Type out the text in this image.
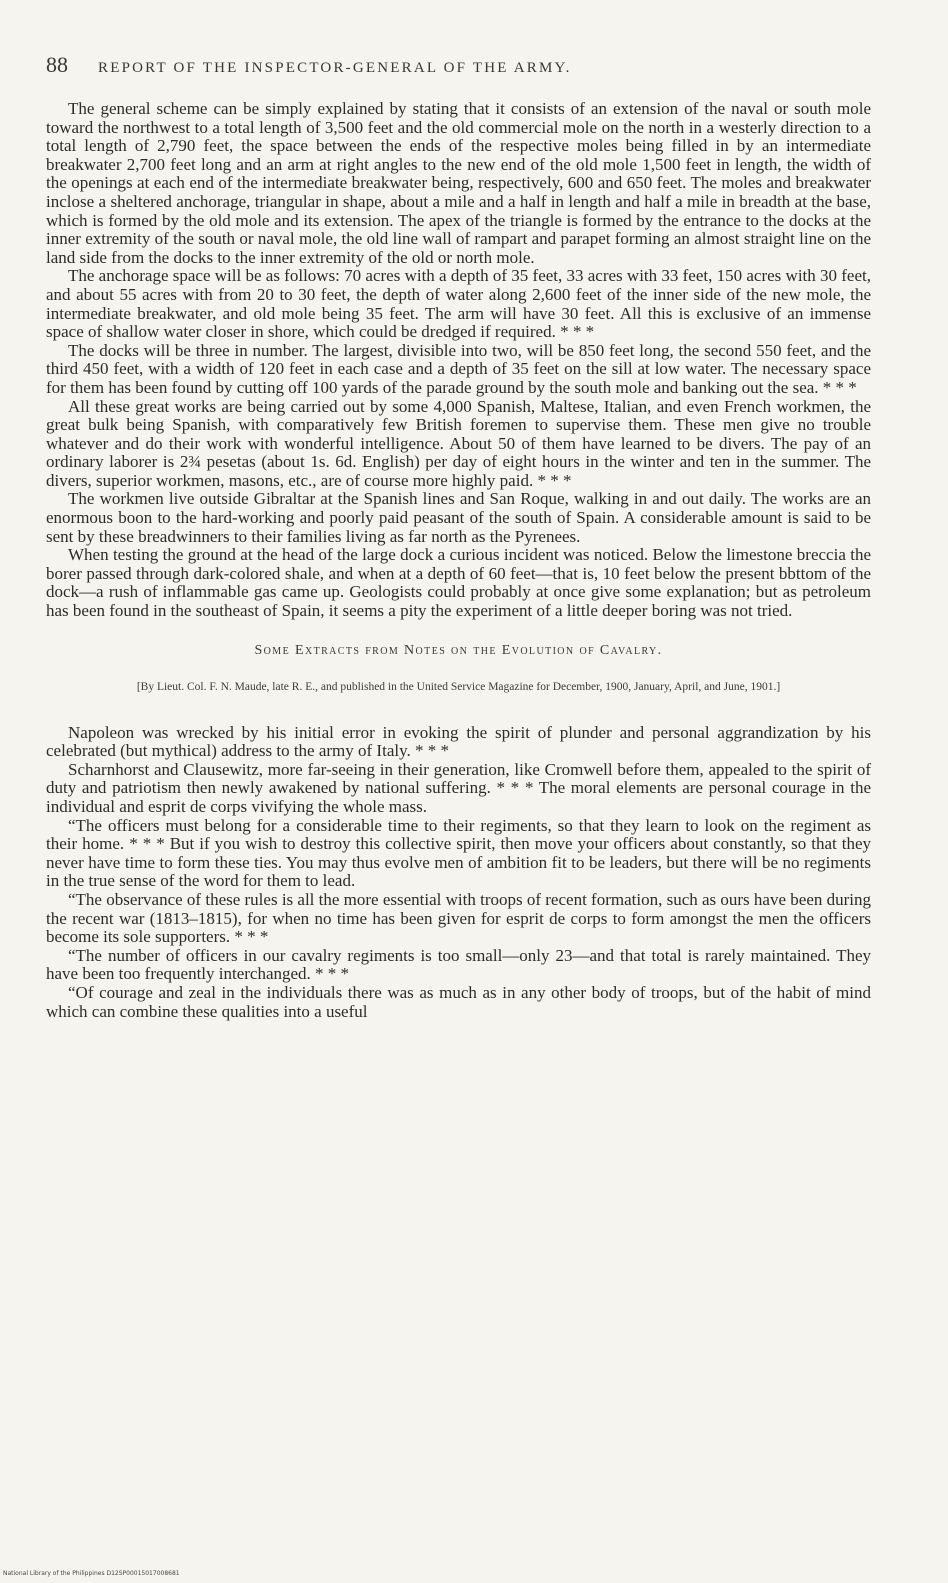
88 REPORT OF THE INSPECTOR-GENERAL OF THE ARMY.

The general scheme can be simply explained by stating that it consists of an extension of the naval or south mole toward the northwest to a total length of 3,500 feet and the old commercial mole on the north in a westerly direction to a total length of 2,790 feet, the space between the ends of the respective moles being filled in by an intermediate breakwater 2,700 feet long and an arm at right angles to the new end of the old mole 1,500 feet in length, the width of the openings at each end of the intermediate breakwater being, respectively, 600 and 650 feet. The moles and breakwater inclose a sheltered anchorage, triangular in shape, about a mile and a half in length and half a mile in breadth at the base, which is formed by the old mole and its extension. The apex of the triangle is formed by the entrance to the docks at the inner extremity of the south or naval mole, the old line wall of rampart and parapet forming an almost straight line on the land side from the docks to the inner extremity of the old or north mole.

The anchorage space will be as follows: 70 acres with a depth of 35 feet, 33 acres with 33 feet, 150 acres with 30 feet, and about 55 acres with from 20 to 30 feet, the depth of water along 2,600 feet of the inner side of the new mole, the intermediate breakwater, and old mole being 35 feet. The arm will have 30 feet. All this is exclusive of an immense space of shallow water closer in shore, which could be dredged if required. * * *

The docks will be three in number. The largest, divisible into two, will be 850 feet long, the second 550 feet, and the third 450 feet, with a width of 120 feet in each case and a depth of 35 feet on the sill at low water. The necessary space for them has been found by cutting off 100 yards of the parade ground by the south mole and banking out the sea. * * *

All these great works are being carried out by some 4,000 Spanish, Maltese, Italian, and even French workmen, the great bulk being Spanish, with comparatively few British foremen to supervise them. These men give no trouble whatever and do their work with wonderful intelligence. About 50 of them have learned to be divers. The pay of an ordinary laborer is 2¾ pesetas (about 1s. 6d. English) per day of eight hours in the winter and ten in the summer. The divers, superior workmen, masons, etc., are of course more highly paid. * * *

The workmen live outside Gibraltar at the Spanish lines and San Roque, walking in and out daily. The works are an enormous boon to the hard-working and poorly paid peasant of the south of Spain. A considerable amount is said to be sent by these breadwinners to their families living as far north as the Pyrenees.

When testing the ground at the head of the large dock a curious incident was noticed. Below the limestone breccia the borer passed through dark-colored shale, and when at a depth of 60 feet—that is, 10 feet below the present bbttom of the dock—a rush of inflammable gas came up. Geologists could probably at once give some explanation; but as petroleum has been found in the southeast of Spain, it seems a pity the experiment of a little deeper boring was not tried.

Some Extracts from Notes on the Evolution of Cavalry.
[By Lieut. Col. F. N. Maude, late R. E., and published in the United Service Magazine for December, 1900, January, April, and June, 1901.]

Napoleon was wrecked by his initial error in evoking the spirit of plunder and personal aggrandization by his celebrated (but mythical) address to the army of Italy. * * *

Scharnhorst and Clausewitz, more far-seeing in their generation, like Cromwell before them, appealed to the spirit of duty and patriotism then newly awakened by national suffering. * * * The moral elements are personal courage in the individual and esprit de corps vivifying the whole mass.

“The officers must belong for a considerable time to their regiments, so that they learn to look on the regiment as their home. * * * But if you wish to destroy this collective spirit, then move your officers about constantly, so that they never have time to form these ties. You may thus evolve men of ambition fit to be leaders, but there will be no regiments in the true sense of the word for them to lead.

“The observance of these rules is all the more essential with troops of recent formation, such as ours have been during the recent war (1813–1815), for when no time has been given for esprit de corps to form amongst the men the officers become its sole supporters. * * *

“The number of officers in our cavalry regiments is too small—only 23—and that total is rarely maintained. They have been too frequently interchanged. * * *

“Of courage and zeal in the individuals there was as much as in any other body of troops, but of the habit of mind which can combine these qualities into a useful

National Library of the Philippines D12SP00015017008681
